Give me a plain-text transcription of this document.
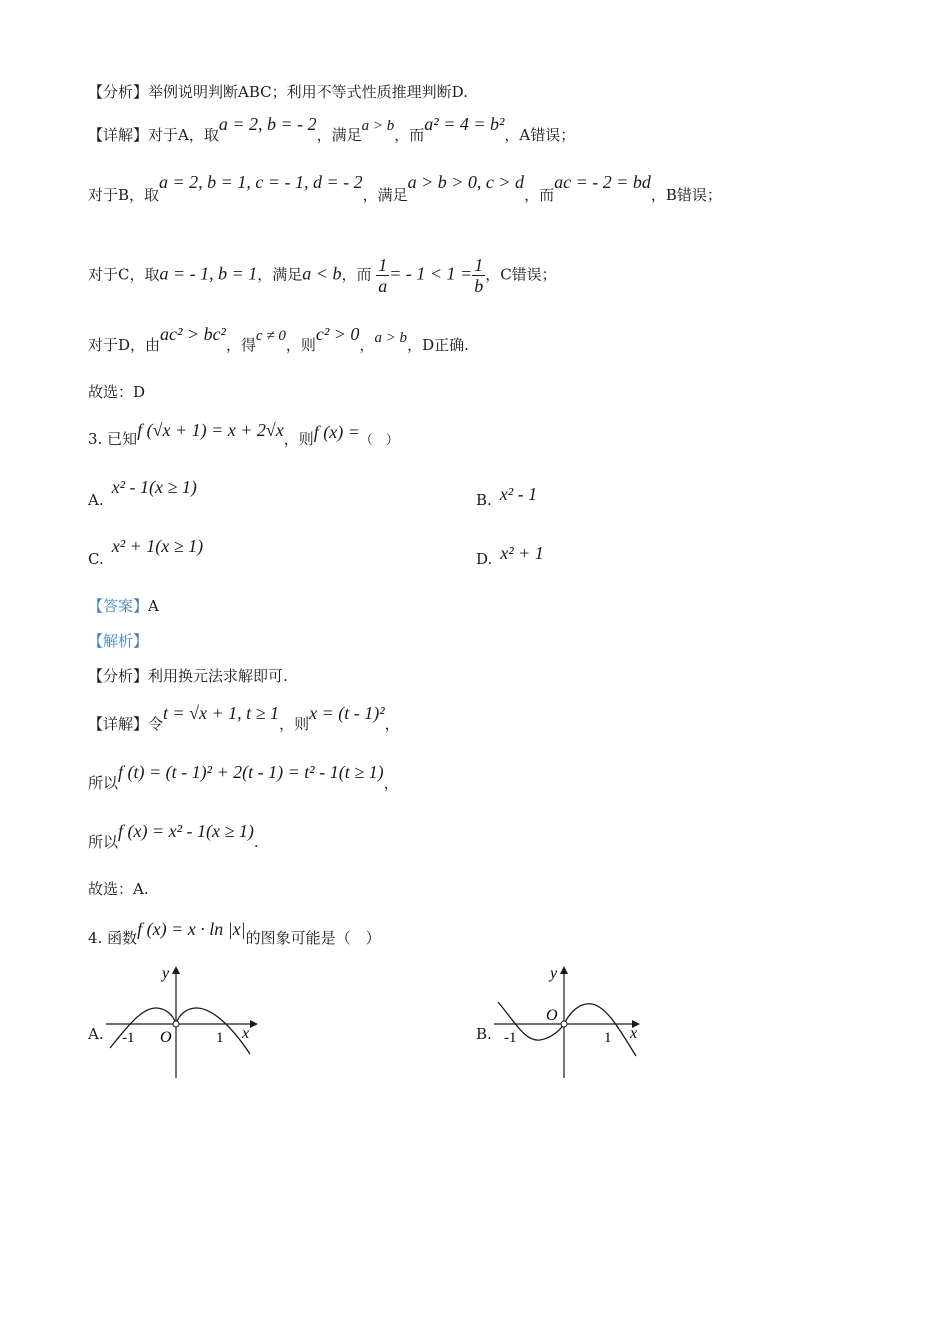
【分析】举例说明判断ABC；利用不等式性质推理判断D.
【详解】对于A，取a = 2, b = - 2，满足a > b，而a² = 4 = b²，A错误；
对于B，取a = 2, b = 1, c = - 1, d = - 2，满足a > b > 0, c > d，而ac = - 2 = bd，B错误；
对于C，取a = - 1, b = 1，满足a < b，而 $\frac{1}{a}$ = - $1 < 1 = \frac{1}{b}$ ，C错误；
对于D，由ac² > bc²，得c ≠ 0，则c² > 0，a > b，D正确.
故选：D
3. 已知f (√x + 1) = x + 2√x，则f (x) =（　）
A.x² - 1(x ≥ 1)
B. x² - 1
C.x² + 1(x ≥ 1)
D. x² + 1
【答案】A
【解析】
【分析】利用换元法求解即可.
【详解】令t = √x + 1, t ≥ 1，则x = (t - 1)²，
所以f (t) = (t - 1)² + 2(t - 1) = t² - 1(t ≥ 1)，
所以f (x) = x² - 1(x ≥ 1).
故选：A.
4. 函数f (x) = x · ln |x|的图象可能是（　）
A.
y
x
O
-1	1	B.
y
x
O
-1	1
